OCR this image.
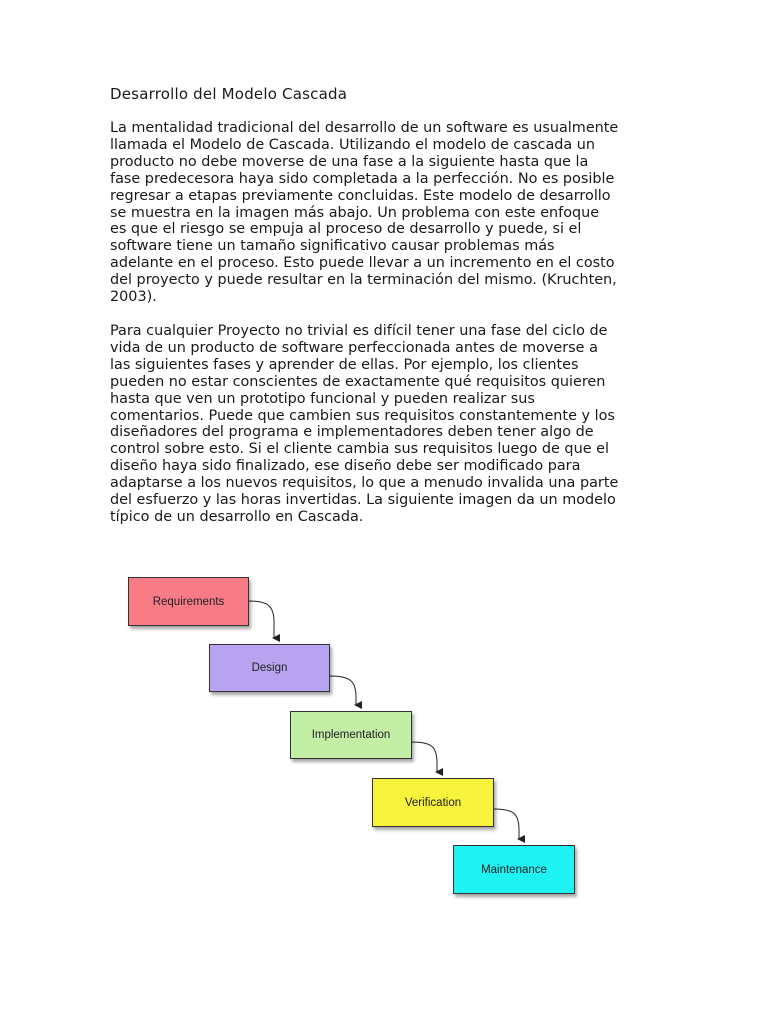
Desarrollo del Modelo Cascada

La mentalidad tradicional del desarrollo de un software es usualmente
llamada el Modelo de Cascada. Utilizando el modelo de cascada un
producto no debe moverse de una fase a la siguiente hasta que la
fase predecesora haya sido completada a la perfección. No es posible
regresar a etapas previamente concluidas. Este modelo de desarrollo
se muestra en la imagen más abajo. Un problema con este enfoque
es que el riesgo se empuja al proceso de desarrollo y puede, si el
software tiene un tamaño significativo causar problemas más
adelante en el proceso. Esto puede llevar a un incremento en el costo
del proyecto y puede resultar en la terminación del mismo. (Kruchten,
2003).

Para cualquier Proyecto no trivial es difícil tener una fase del ciclo de
vida de un producto de software perfeccionada antes de moverse a
las siguientes fases y aprender de ellas. Por ejemplo, los clientes
pueden no estar conscientes de exactamente qué requisitos quieren
hasta que ven un prototipo funcional y pueden realizar sus
comentarios. Puede que cambien sus requisitos constantemente y los
diseñadores del programa e implementadores deben tener algo de
control sobre esto. Si el cliente cambia sus requisitos luego de que el
diseño haya sido finalizado, ese diseño debe ser modificado para
adaptarse a los nuevos requisitos, lo que a menudo invalida una parte
del esfuerzo y las horas invertidas. La siguiente imagen da un modelo
típico de un desarrollo en Cascada.

Requirements
Design
Implementation
Verification
Maintenance
